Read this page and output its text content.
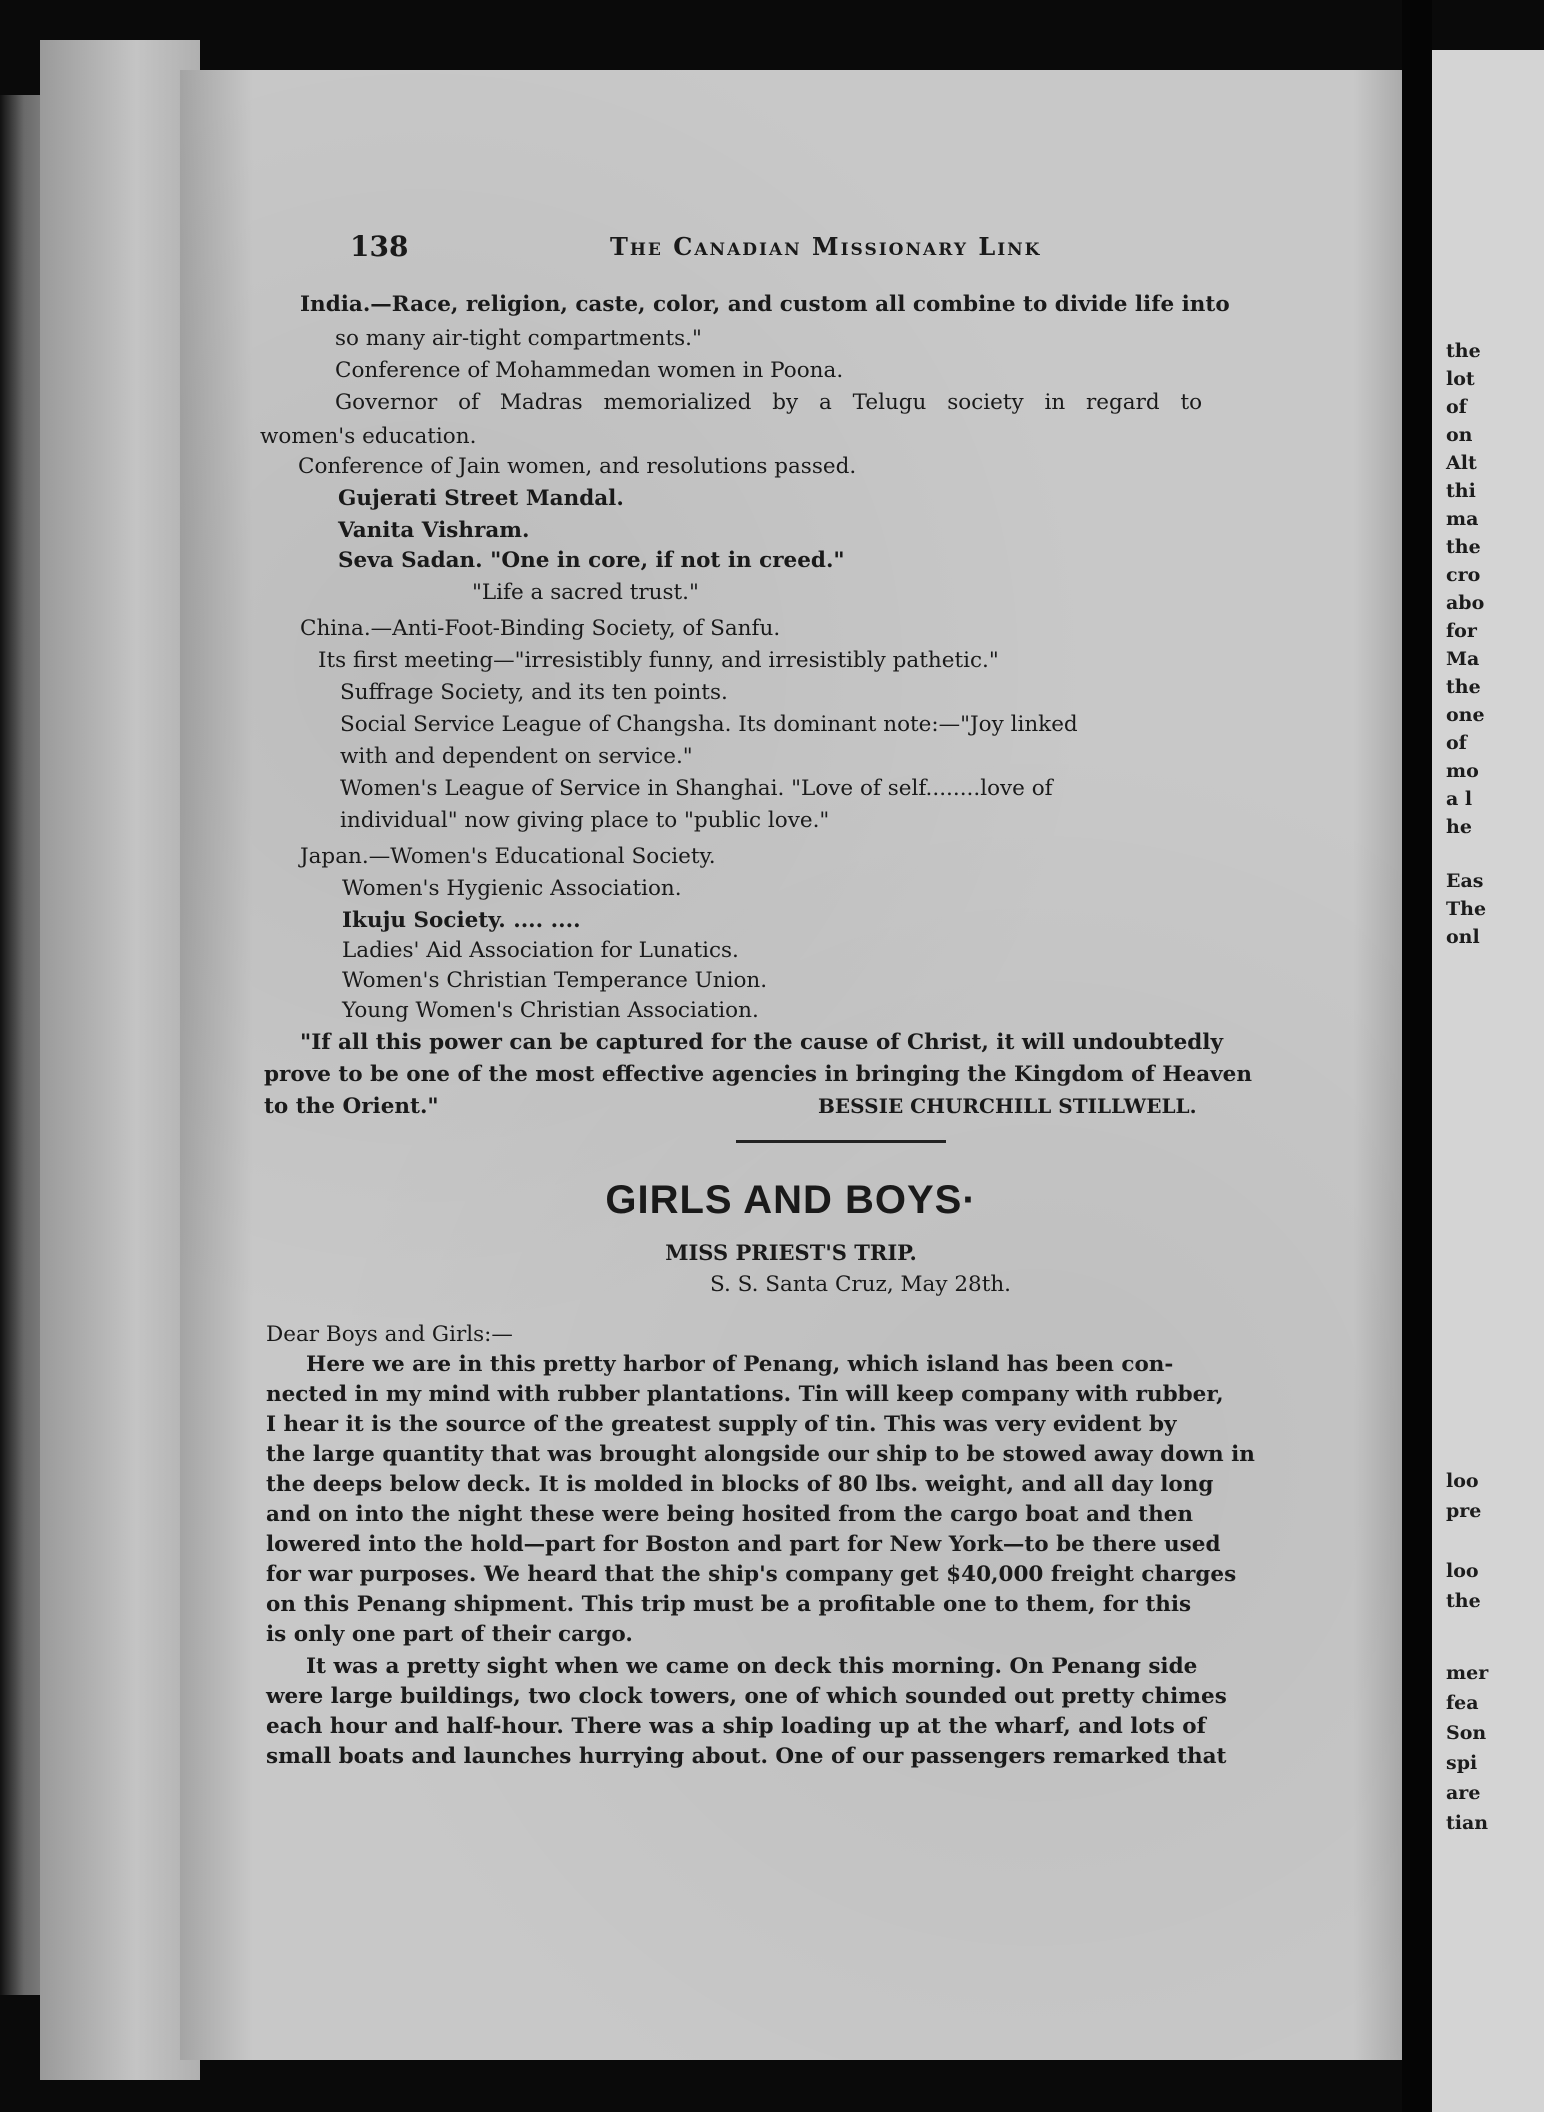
138	The Canadian Missionary Link
India.—Race, religion, caste, color, and custom all combine to divide life into
so many air-tight compartments."
Conference of Mohammedan women in Poona.
Governor of Madras memorialized by a Telugu society in regard to
women's education.
Conference of Jain women, and resolutions passed.
Gujerati Street Mandal.
Vanita Vishram.
Seva Sadan. "One in core, if not in creed."
"Life a sacred trust."
China.—Anti-Foot-Binding Society, of Sanfu.
Its first meeting—"irresistibly funny, and irresistibly pathetic."
Suffrage Society, and its ten points.
Social Service League of Changsha. Its dominant note:—"Joy linked
with and dependent on service."
Women's League of Service in Shanghai. "Love of self........love of
individual" now giving place to "public love."
Japan.—Women's Educational Society.
Women's Hygienic Association.
Ikuju Society. .... ....
Ladies' Aid Association for Lunatics.
Women's Christian Temperance Union.
Young Women's Christian Association.
"If all this power can be captured for the cause of Christ, it will undoubtedly
prove to be one of the most effective agencies in bringing the Kingdom of Heaven
to the Orient."	BESSIE CHURCHILL STILLWELL.
GIRLS AND BOYS·
MISS PRIEST'S TRIP.
S. S. Santa Cruz, May 28th.
Dear Boys and Girls:—
Here we are in this pretty harbor of Penang, which island has been con-
nected in my mind with rubber plantations. Tin will keep company with rubber,
I hear it is the source of the greatest supply of tin. This was very evident by
the large quantity that was brought alongside our ship to be stowed away down in
the deeps below deck. It is molded in blocks of 80 lbs. weight, and all day long
and on into the night these were being hosited from the cargo boat and then
lowered into the hold—part for Boston and part for New York—to be there used
for war purposes. We heard that the ship's company get $40,000 freight charges
on this Penang shipment. This trip must be a profitable one to them, for this
is only one part of their cargo.
It was a pretty sight when we came on deck this morning. On Penang side
were large buildings, two clock towers, one of which sounded out pretty chimes
each hour and half-hour. There was a ship loading up at the wharf, and lots of
small boats and launches hurrying about. One of our passengers remarked that
the
lot
of
on
Alt
thi
ma
the
cro
abo
for
Ma
the
one
of
mo
a l
he
Eas
The
onl
loo
pre
loo
the
mer
fea
Son
spi
are
tian
